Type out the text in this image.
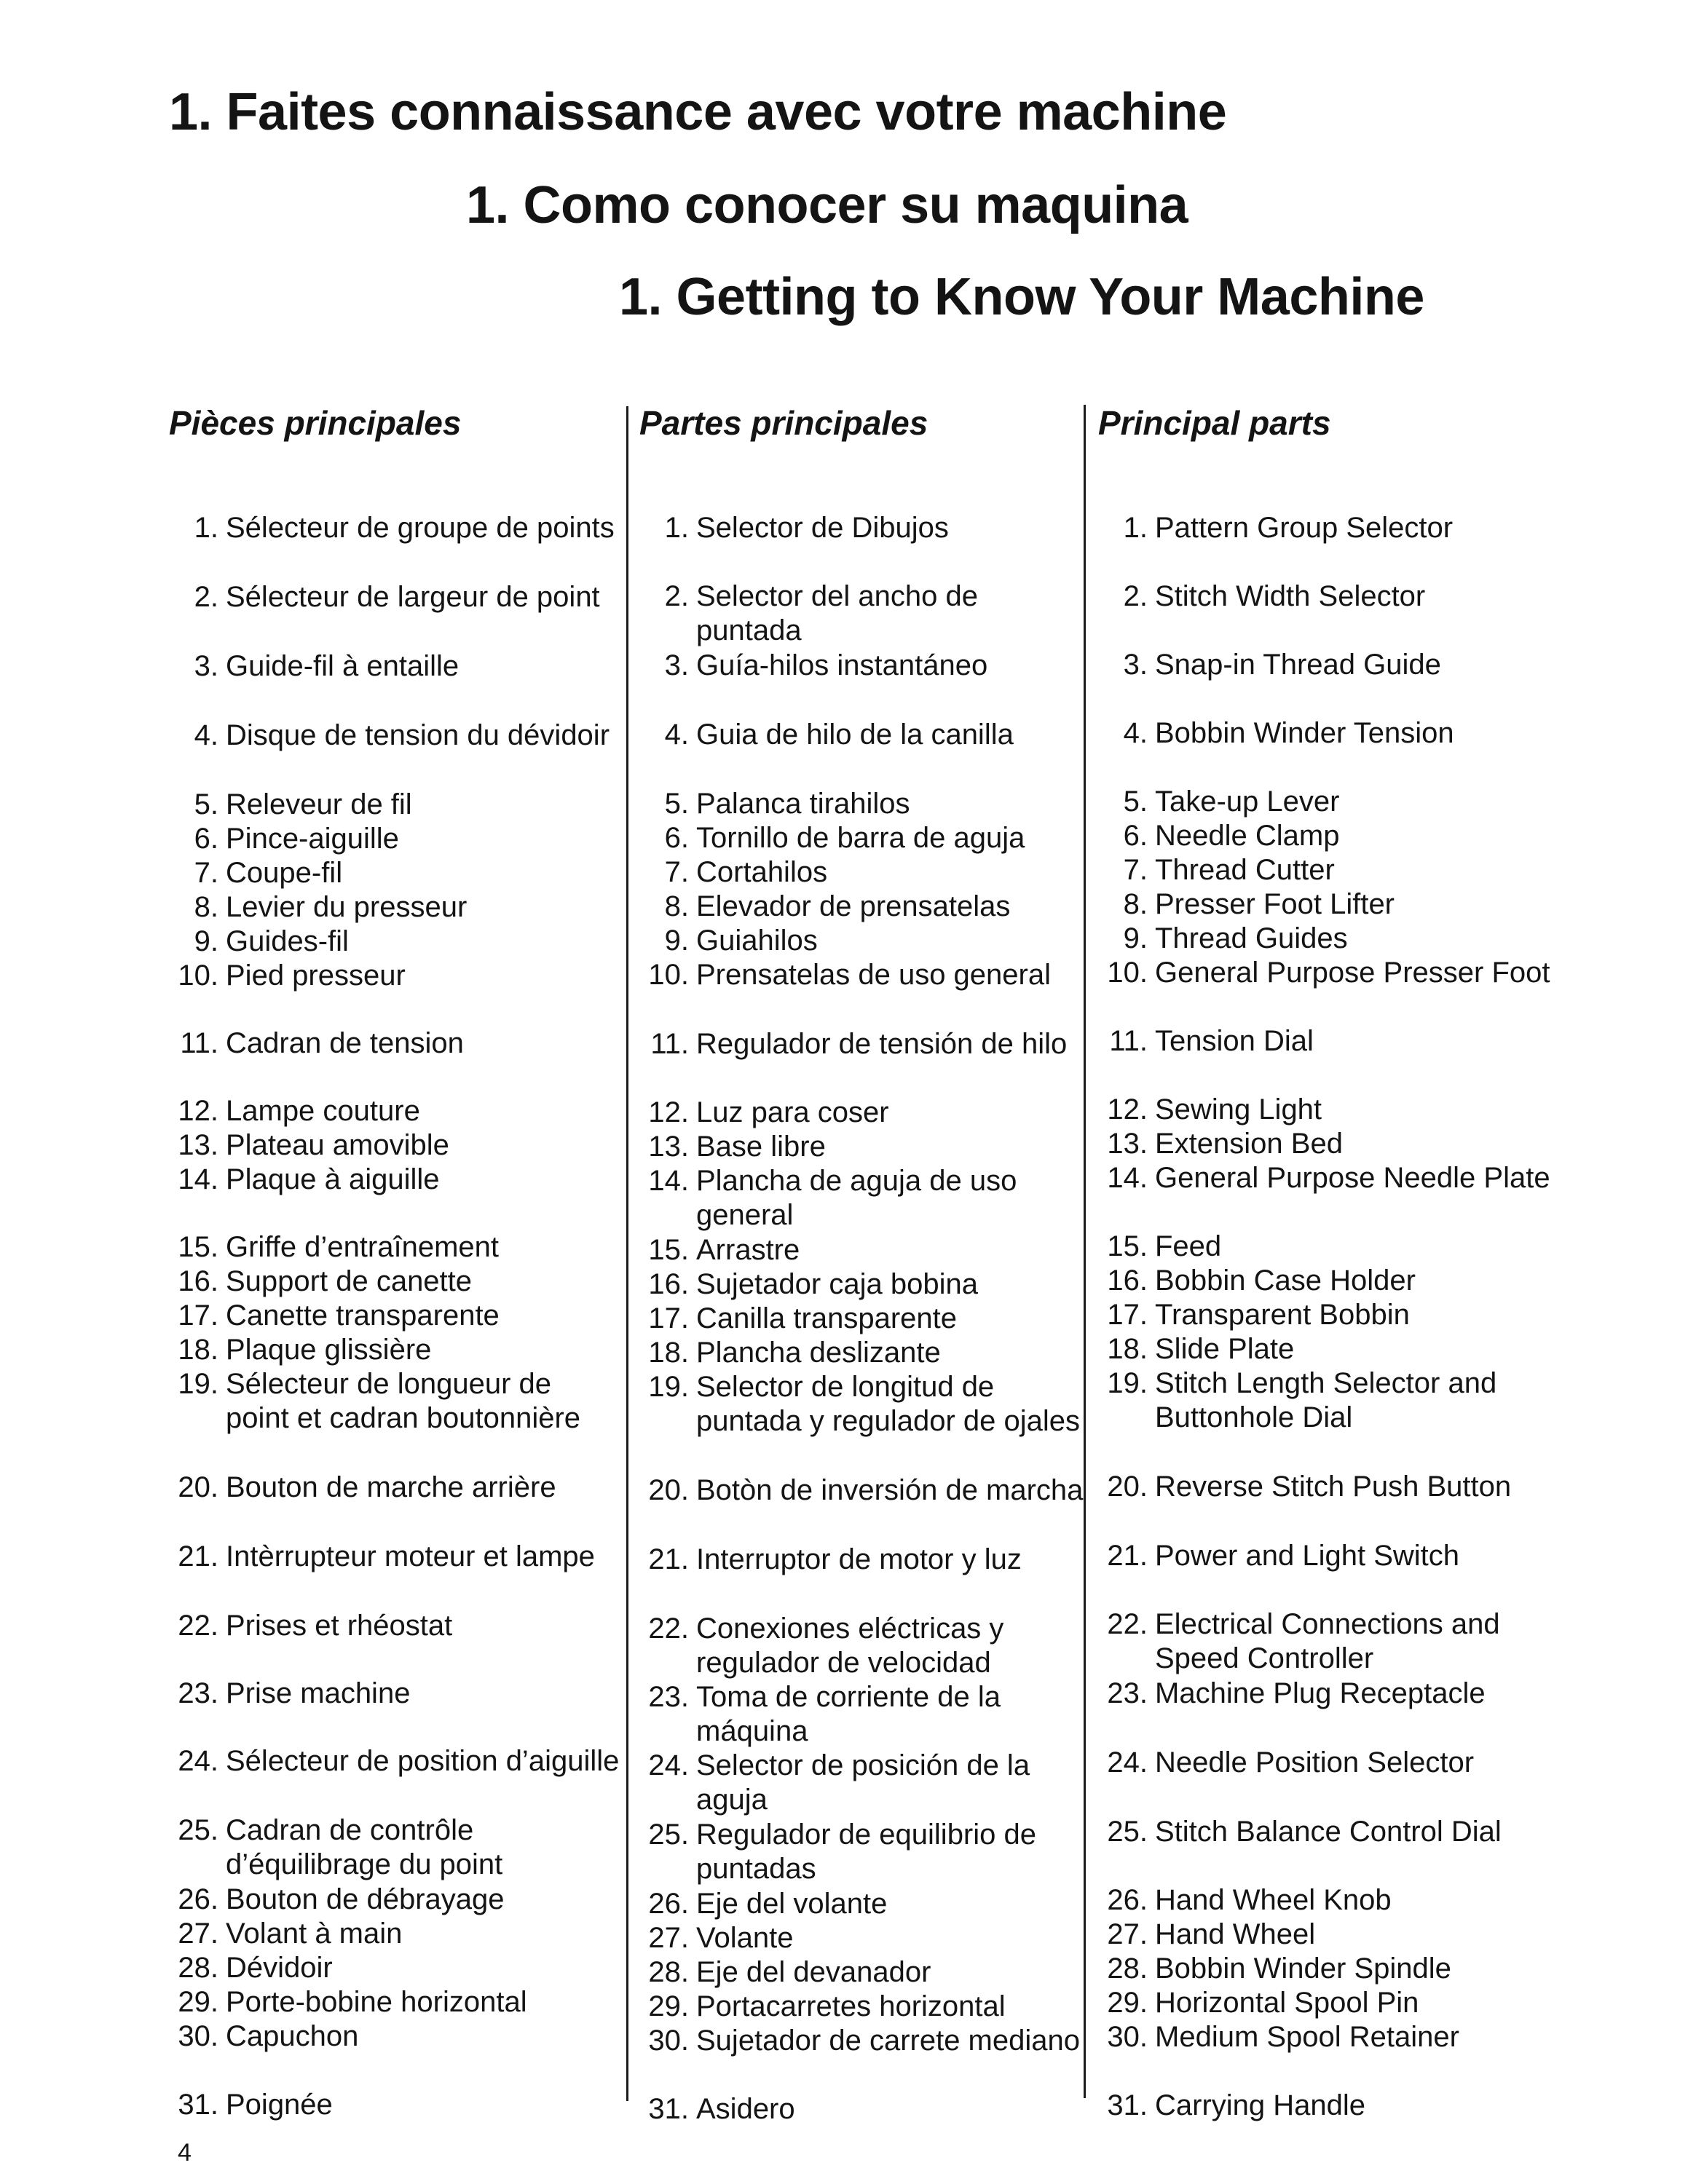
1. Faites connaissance avec votre machine
1. Como conocer su maquina
1. Getting to Know Your Machine
Pièces principales
1. Sélecteur de groupe de points
2. Sélecteur de largeur de point
3. Guide-fil à entaille
4. Disque de tension du dévidoir
5. Releveur de fil
6. Pince-aiguille
7. Coupe-fil
8. Levier du presseur
9. Guides-fil
10. Pied presseur
11. Cadran de tension
12. Lampe couture
13. Plateau amovible
14. Plaque à aiguille
15. Griffe d’entraînement
16. Support de canette
17. Canette transparente
18. Plaque glissière
19. Sélecteur de longueur de point et cadran boutonnière
20. Bouton de marche arrière
21. Intèrrupteur moteur et lampe
22. Prises et rhéostat
23. Prise machine
24. Sélecteur de position d’aiguille
25. Cadran de contrôle d’équilibrage du point
26. Bouton de débrayage
27. Volant à main
28. Dévidoir
29. Porte-bobine horizontal
30. Capuchon
31. Poignée
Partes principales
1. Selector de Dibujos
2. Selector del ancho de puntada
3. Guía-hilos instantáneo
4. Guia de hilo de la canilla
5. Palanca tirahilos
6. Tornillo de barra de aguja
7. Cortahilos
8. Elevador de prensatelas
9. Guiahilos
10. Prensatelas de uso general
11. Regulador de tensión de hilo
12. Luz para coser
13. Base libre
14. Plancha de aguja de uso general
15. Arrastre
16. Sujetador caja bobina
17. Canilla transparente
18. Plancha deslizante
19. Selector de longitud de puntada y regulador de ojales
20. Botòn de inversión de marcha
21. Interruptor de motor y luz
22. Conexiones eléctricas y regulador de velocidad
23. Toma de corriente de la máquina
24. Selector de posición de la aguja
25. Regulador de equilibrio de puntadas
26. Eje del volante
27. Volante
28. Eje del devanador
29. Portacarretes horizontal
30. Sujetador de carrete mediano
31. Asidero
Principal parts
1. Pattern Group Selector
2. Stitch Width Selector
3. Snap-in Thread Guide
4. Bobbin Winder Tension
5. Take-up Lever
6. Needle Clamp
7. Thread Cutter
8. Presser Foot Lifter
9. Thread Guides
10. General Purpose Presser Foot
11. Tension Dial
12. Sewing Light
13. Extension Bed
14. General Purpose Needle Plate
15. Feed
16. Bobbin Case Holder
17. Transparent Bobbin
18. Slide Plate
19. Stitch Length Selector and Buttonhole Dial
20. Reverse Stitch Push Button
21. Power and Light Switch
22. Electrical Connections and Speed Controller
23. Machine Plug Receptacle
24. Needle Position Selector
25. Stitch Balance Control Dial
26. Hand Wheel Knob
27. Hand Wheel
28. Bobbin Winder Spindle
29. Horizontal Spool Pin
30. Medium Spool Retainer
31. Carrying Handle
4
